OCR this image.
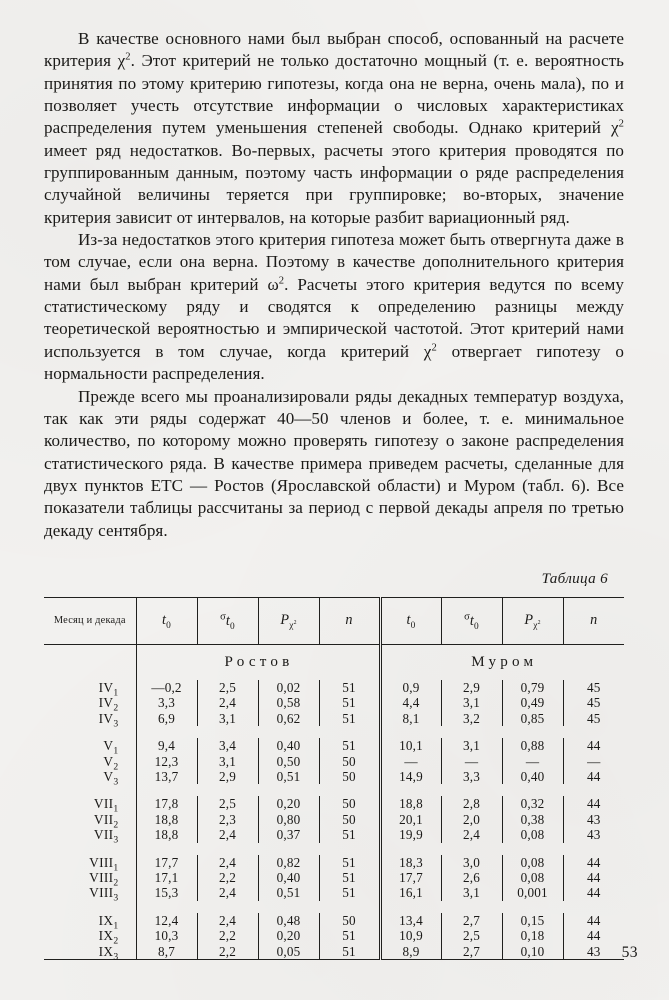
В качестве основного нами был выбран способ, оспованный на расчете критерия $\chi^2$. Этот критерий не только достаточно мощный (т. е. вероятность принятия по этому критерию гипотезы, когда она не верна, очень мала), по и позволяет учесть отсутствие информации о числовых характеристиках распределения путем уменьшения степеней свободы. Однако критерий $\chi^2$ имеет ряд недостатков. Во-первых, расчеты этого критерия проводятся по группированным данным, поэтому часть информации о ряде распределения случайной величины теряется при группировке; во-вторых, значение критерия зависит от интервалов, на которые разбит вариационный ряд.

Из-за недостатков этого критерия гипотеза может быть отвергнута даже в том случае, если она верна. Поэтому в качестве дополнительного критерия нами был выбран критерий $\omega^2$. Расчеты этого критерия ведутся по всему статистическому ряду и сводятся к определению разницы между теоретической вероятностью и эмпирической частотой. Этот критерий нами используется в том случае, когда критерий $\chi^2$ отвергает гипотезу о нормальности распределения.

Прежде всего мы проанализировали ряды декадных температур воздуха, так как эти ряды содержат 40—50 членов и более, т. е. минимальное количество, по которому можно проверять гипотезу о законе распределения статистического ряда. В качестве примера приведем расчеты, сделанные для двух пунктов ЕТС — Ростов (Ярославской области) и Муром (табл. 6). Все показатели таблицы рассчитаны за период с первой декады апреля по третью декаду сентября.

Таблица 6
Месяц и декада	$t_0$	$^\sigma t_0$	$P_{\chi^2}$	n	$t_0$	$^\sigma t_0$	$P_{\chi^2}$	n
	Ростов				Муром			
$IV_1$	—0,2	2,5	0,02	51	0,9	2,9	0,79	45
$IV_2$	3,3	2,4	0,58	51	4,4	3,1	0,49	45
$IV_3$	6,9	3,1	0,62	51	8,1	3,2	0,85	45

$V_1$	9,4	3,4	0,40	51	10,1	3,1	0,88	44
$V_2$	12,3	3,1	0,50	50	—	—	—	—
$V_3$	13,7	2,9	0,51	50	14,9	3,3	0,40	44

$VII_1$	17,8	2,5	0,20	50	18,8	2,8	0,32	44
$VII_2$	18,8	2,3	0,80	50	20,1	2,0	0,38	43
$VII_3$	18,8	2,4	0,37	51	19,9	2,4	0,08	43

$VIII_1$	17,7	2,4	0,82	51	18,3	3,0	0,08	44
$VIII_2$	17,1	2,2	0,40	51	17,7	2,6	0,08	44
$VIII_3$	15,3	2,4	0,51	51	16,1	3,1	0,001	44

$IX_1$	12,4	2,4	0,48	50	13,4	2,7	0,15	44
$IX_2$	10,3	2,2	0,20	51	10,9	2,5	0,18	44
$IX_3$	8,7	2,2	0,05	51	8,9	2,7	0,10	43 53
